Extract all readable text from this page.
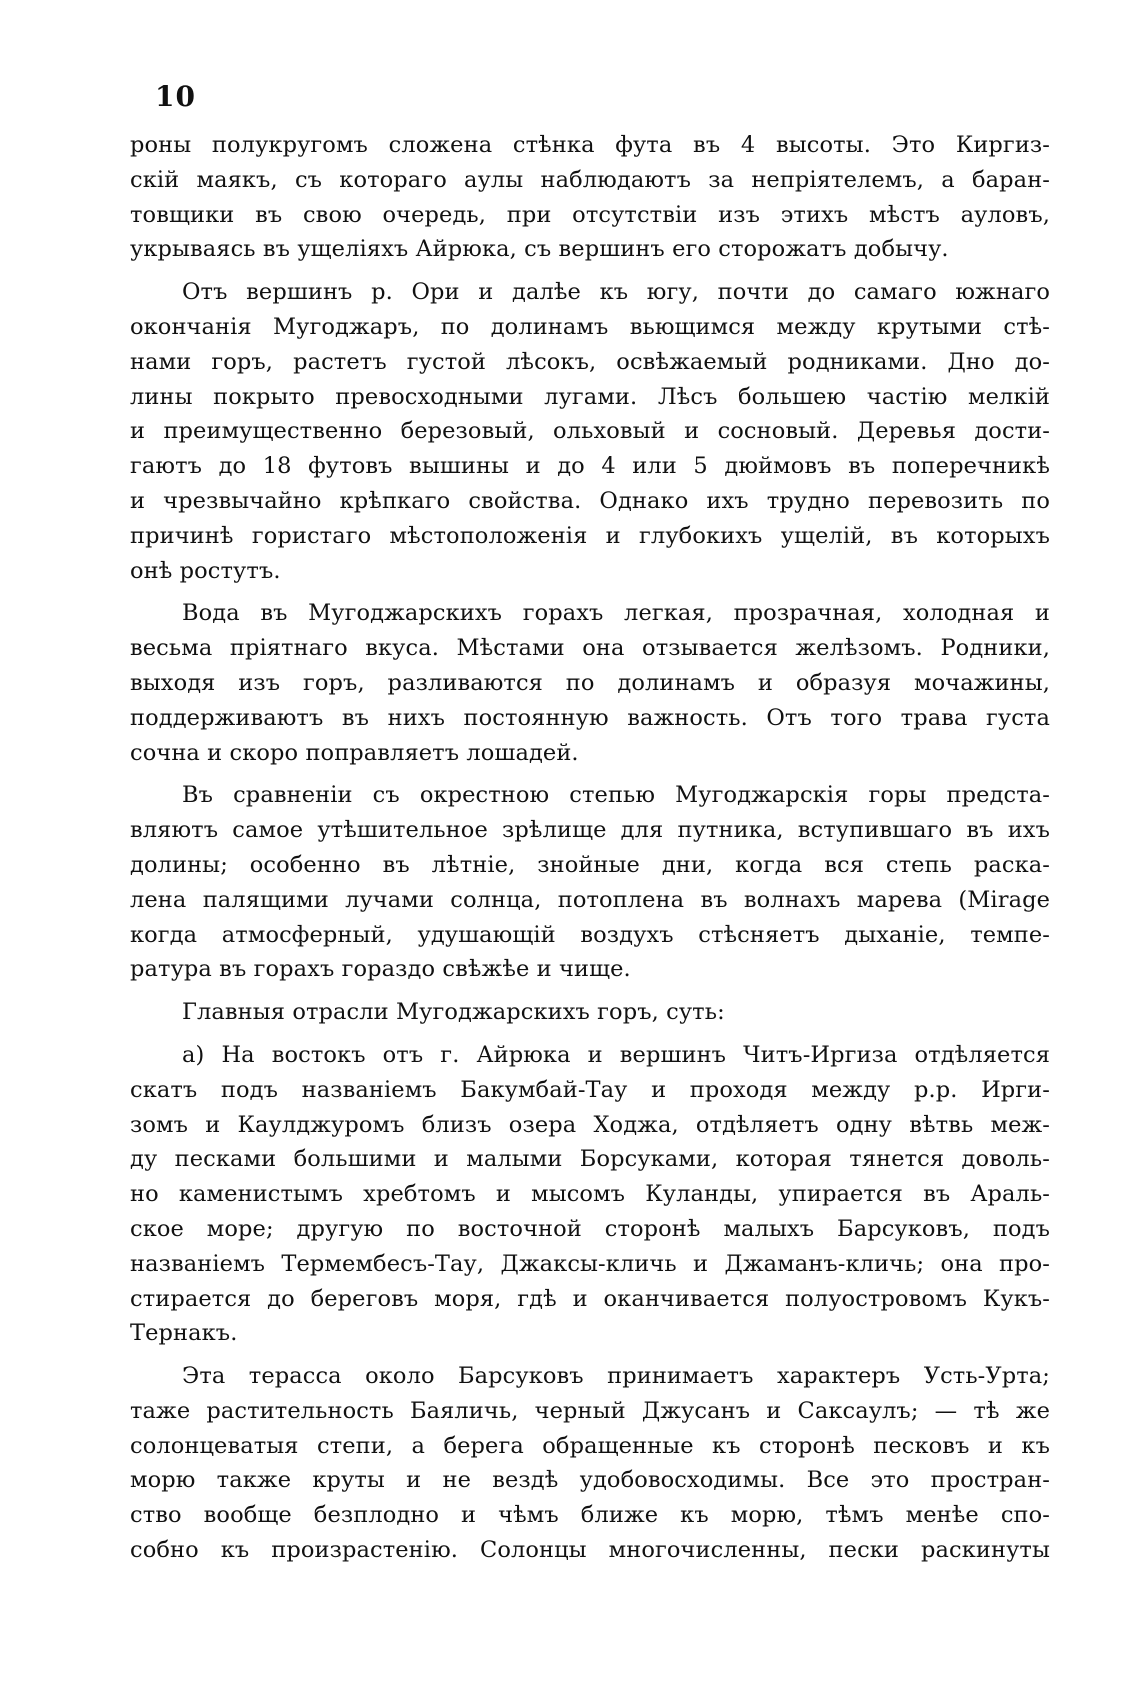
10
роны полукругомъ сложена стѣнка фута въ 4 высоты. Это Киргиз-
скій маякъ, съ котораго аулы наблюдаютъ за непріятелемъ, а баран-
товщики въ свою очередь, при отсутствіи изъ этихъ мѣстъ ауловъ,
укрываясь въ ущеліяхъ Айрюка, съ вершинъ его сторожатъ добычу.
Отъ вершинъ р. Ори и далѣе къ югу, почти до самаго южнаго
окончанія Мугоджаръ, по долинамъ вьющимся между крутыми стѣ-
нами горъ, растетъ густой лѣсокъ, освѣжаемый родниками. Дно до-
лины покрыто превосходными лугами. Лѣсъ большею частію мелкій
и преимущественно березовый, ольховый и сосновый. Деревья дости-
гаютъ до 18 футовъ вышины и до 4 или 5 дюймовъ въ поперечникѣ
и чрезвычайно крѣпкаго свойства. Однако ихъ трудно перевозить по
причинѣ гористаго мѣстоположенія и глубокихъ ущелій, въ которыхъ
онѣ ростутъ.
Вода въ Мугоджарскихъ горахъ легкая, прозрачная, холодная и
весьма пріятнаго вкуса. Мѣстами она отзывается желѣзомъ. Родники,
выходя изъ горъ, разливаются по долинамъ и образуя мочажины,
поддерживаютъ въ нихъ постоянную важность. Отъ того трава густа
сочна и скоро поправляетъ лошадей.
Въ сравненіи съ окрестною степью Мугоджарскія горы предста-
вляютъ самое утѣшительное зрѣлище для путника, вступившаго въ ихъ
долины; особенно въ лѣтніе, знойные дни, когда вся степь раска-
лена палящими лучами солнца, потоплена въ волнахъ марева (Mirage
когда атмосферный, удушающій воздухъ стѣсняетъ дыханіе, темпе-
ратура въ горахъ гораздо свѣжѣе и чище.
Главныя отрасли Мугоджарскихъ горъ, суть:
а) На востокъ отъ г. Айрюка и вершинъ Читъ-Иргиза отдѣляется
скатъ подъ названіемъ Бакумбай-Тау и проходя между р.р. Ирги-
зомъ и Каулджуромъ близъ озера Ходжа, отдѣляетъ одну вѣтвь меж-
ду песками большими и малыми Борсуками, которая тянется доволь-
но каменистымъ хребтомъ и мысомъ Куланды, упирается въ Араль-
ское море; другую по восточной сторонѣ малыхъ Барсуковъ, подъ
названіемъ Термембесъ-Тау, Джаксы-кличь и Джаманъ-кличь; она про-
стирается до береговъ моря, гдѣ и оканчивается полуостровомъ Кукъ-
Тернакъ.
Эта терасса около Барсуковъ принимаетъ характеръ Усть-Урта;
таже растительность Баяличь, черный Джусанъ и Саксаулъ; — тѣ же
солонцеватыя степи, а берега обращенные къ сторонѣ песковъ и къ
морю также круты и не вездѣ удобовосходимы. Все это простран-
ство вообще безплодно и чѣмъ ближе къ морю, тѣмъ менѣе спо-
собно къ произрастенію. Солонцы многочисленны, пески раскинуты
